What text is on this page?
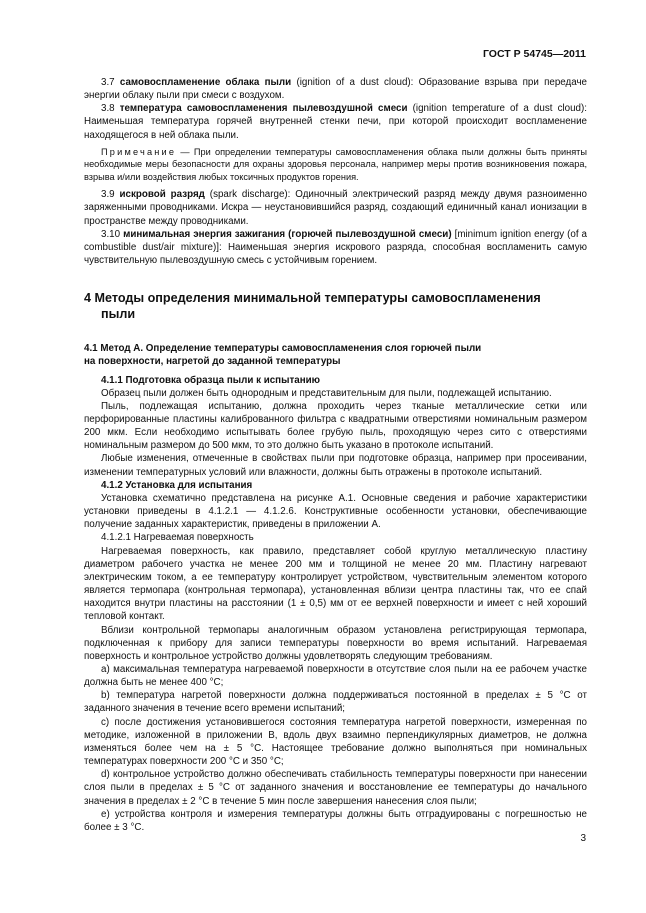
ГОСТ Р 54745—2011

3.7 самовоспламенение облака пыли (ignition of a dust cloud): Образование взрыва при передаче энергии облаку пыли при смеси с воздухом.

3.8 температура самовоспламенения пылевоздушной смеси (ignition temperature of a dust cloud): Наименьшая температура горячей внутренней стенки печи, при которой происходит воспламенение находящегося в ней облака пыли.

Примечание — При определении температуры самовоспламенения облака пыли должны быть приняты необходимые меры безопасности для охраны здоровья персонала, например меры против возникновения пожара, взрыва и/или воздействия любых токсичных продуктов горения.

3.9 искровой разряд (spark discharge): Одиночный электрический разряд между двумя разноименно заряженными проводниками. Искра — неустановившийся разряд, создающий единичный канал ионизации в пространстве между проводниками.

3.10 минимальная энергия зажигания (горючей пылевоздушной смеси) [minimum ignition energy (of a combustible dust/air mixture)]: Наименьшая энергия искрового разряда, способная воспламенить самую чувствительную пылевоздушную смесь с устойчивым горением.

4 Методы определения минимальной температуры самовоспламенения
пыли

4.1 Метод А. Определение температуры самовоспламенения слоя горючей пыли
на поверхности, нагретой до заданной температуры

4.1.1 Подготовка образца пыли к испытанию

Образец пыли должен быть однородным и представительным для пыли, подлежащей испытанию.

Пыль, подлежащая испытанию, должна проходить через тканые металлические сетки или перфорированные пластины калиброванного фильтра с квадратными отверстиями номинальным размером 200 мкм. Если необходимо испытывать более грубую пыль, проходящую через сито с отверстиями номинальным размером до 500 мкм, то это должно быть указано в протоколе испытаний.

Любые изменения, отмеченные в свойствах пыли при подготовке образца, например при просеивании, изменении температурных условий или влажности, должны быть отражены в протоколе испытаний.

4.1.2 Установка для испытания

Установка схематично представлена на рисунке А.1. Основные сведения и рабочие характеристики установки приведены в 4.1.2.1 — 4.1.2.6. Конструктивные особенности установки, обеспечивающие получение заданных характеристик, приведены в приложении А.

4.1.2.1 Нагреваемая поверхность

Нагреваемая поверхность, как правило, представляет собой круглую металлическую пластину диаметром рабочего участка не менее 200 мм и толщиной не менее 20 мм. Пластину нагревают электрическим током, а ее температуру контролирует устройством, чувствительным элементом которого является термопара (контрольная термопара), установленная вблизи центра пластины так, что ее спай находится внутри пластины на расстоянии (1 ± 0,5) мм от ее верхней поверхности и имеет с ней хороший тепловой контакт.

Вблизи контрольной термопары аналогичным образом установлена регистрирующая термопара, подключенная к прибору для записи температуры поверхности во время испытаний. Нагреваемая поверхность и контрольное устройство должны удовлетворять следующим требованиям.

а) максимальная температура нагреваемой поверхности в отсутствие слоя пыли на ее рабочем участке должна быть не менее 400 °С;

b) температура нагретой поверхности должна поддерживаться постоянной в пределах ± 5 °С от заданного значения в течение всего времени испытаний;

с) после достижения установившегося состояния температура нагретой поверхности, измеренная по методике, изложенной в приложении В, вдоль двух взаимно перпендикулярных диаметров, не должна изменяться более чем на ± 5 °С. Настоящее требование должно выполняться при номинальных температурах поверхности 200 °С и 350 °С;

d) контрольное устройство должно обеспечивать стабильность температуры поверхности при нанесении слоя пыли в пределах ± 5 °С от заданного значения и восстановление ее температуры до начального значения в пределах ± 2 °С в течение 5 мин после завершения нанесения слоя пыли;

е) устройства контроля и измерения температуры должны быть отградуированы с погрешностью не более ± 3 °С.

3
